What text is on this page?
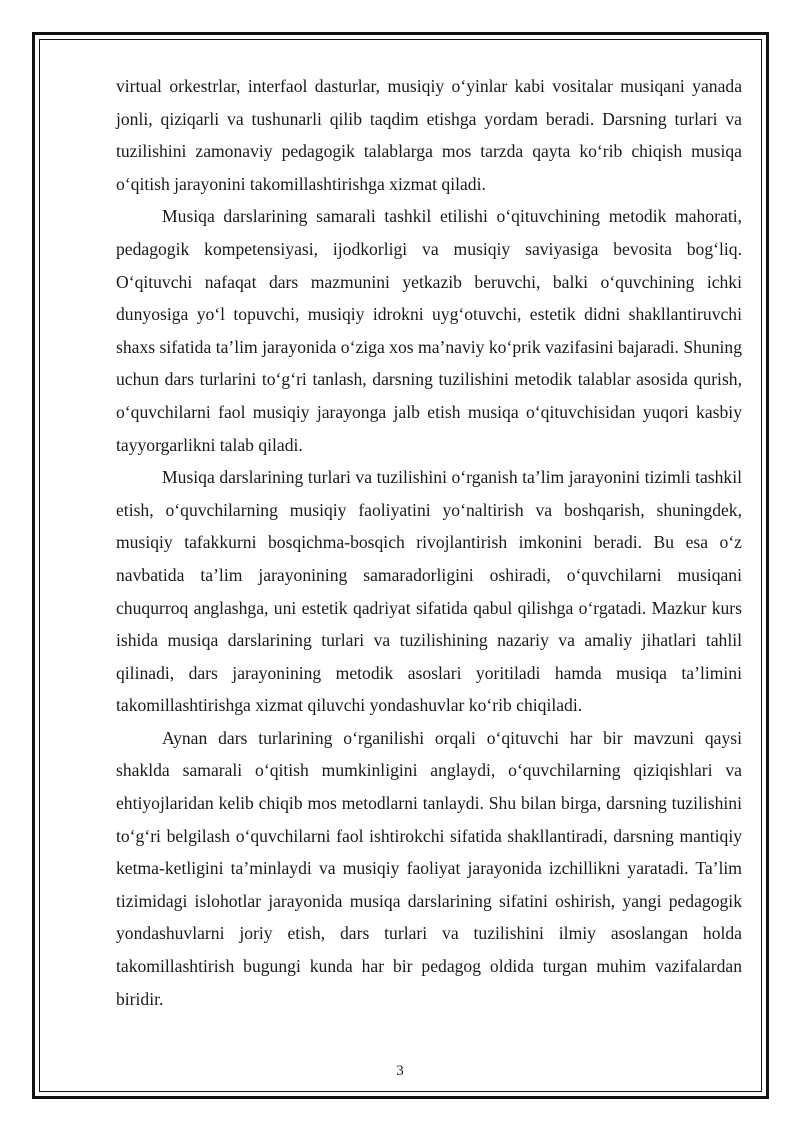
virtual orkestrlar, interfaol dasturlar, musiqiy o‘yinlar kabi vositalar musiqani yanada jonli, qiziqarli va tushunarli qilib taqdim etishga yordam beradi. Darsning turlari va tuzilishini zamonaviy pedagogik talablarga mos tarzda qayta ko‘rib chiqish musiqa o‘qitish jarayonini takomillashtirishga xizmat qiladi.

Musiqa darslarining samarali tashkil etilishi o‘qituvchining metodik mahorati, pedagogik kompetensiyasi, ijodkorligi va musiqiy saviyasiga bevosita bog‘liq. O‘qituvchi nafaqat dars mazmunini yetkazib beruvchi, balki o‘quvchining ichki dunyosiga yo‘l topuvchi, musiqiy idrokni uyg‘otuvchi, estetik didni shakllantiruvchi shaxs sifatida ta’lim jarayonida o‘ziga xos ma’naviy ko‘prik vazifasini bajaradi. Shuning uchun dars turlarini to‘g‘ri tanlash, darsning tuzilishini metodik talablar asosida qurish, o‘quvchilarni faol musiqiy jarayonga jalb etish musiqa o‘qituvchisidan yuqori kasbiy tayyorgarlikni talab qiladi.

Musiqa darslarining turlari va tuzilishini o‘rganish ta’lim jarayonini tizimli tashkil etish, o‘quvchilarning musiqiy faoliyatini yo‘naltirish va boshqarish, shuningdek, musiqiy tafakkurni bosqichma-bosqich rivojlantirish imkonini beradi. Bu esa o‘z navbatida ta’lim jarayonining samaradorligini oshiradi, o‘quvchilarni musiqani chuqurroq anglashga, uni estetik qadriyat sifatida qabul qilishga o‘rgatadi. Mazkur kurs ishida musiqa darslarining turlari va tuzilishining nazariy va amaliy jihatlari tahlil qilinadi, dars jarayonining metodik asoslari yoritiladi hamda musiqa ta’limini takomillashtirishga xizmat qiluvchi yondashuvlar ko‘rib chiqiladi.

Aynan dars turlarining o‘rganilishi orqali o‘qituvchi har bir mavzuni qaysi shaklda samarali o‘qitish mumkinligini anglaydi, o‘quvchilarning qiziqishlari va ehtiyojlaridan kelib chiqib mos metodlarni tanlaydi. Shu bilan birga, darsning tuzilishini to‘g‘ri belgilash o‘quvchilarni faol ishtirokchi sifatida shakllantiradi, darsning mantiqiy ketma-ketligini ta’minlaydi va musiqiy faoliyat jarayonida izchillikni yaratadi. Ta’lim tizimidagi islohotlar jarayonida musiqa darslarining sifatini oshirish, yangi pedagogik yondashuvlarni joriy etish, dars turlari va tuzilishini ilmiy asoslangan holda takomillashtirish bugungi kunda har bir pedagog oldida turgan muhim vazifalardan biridir.

3
